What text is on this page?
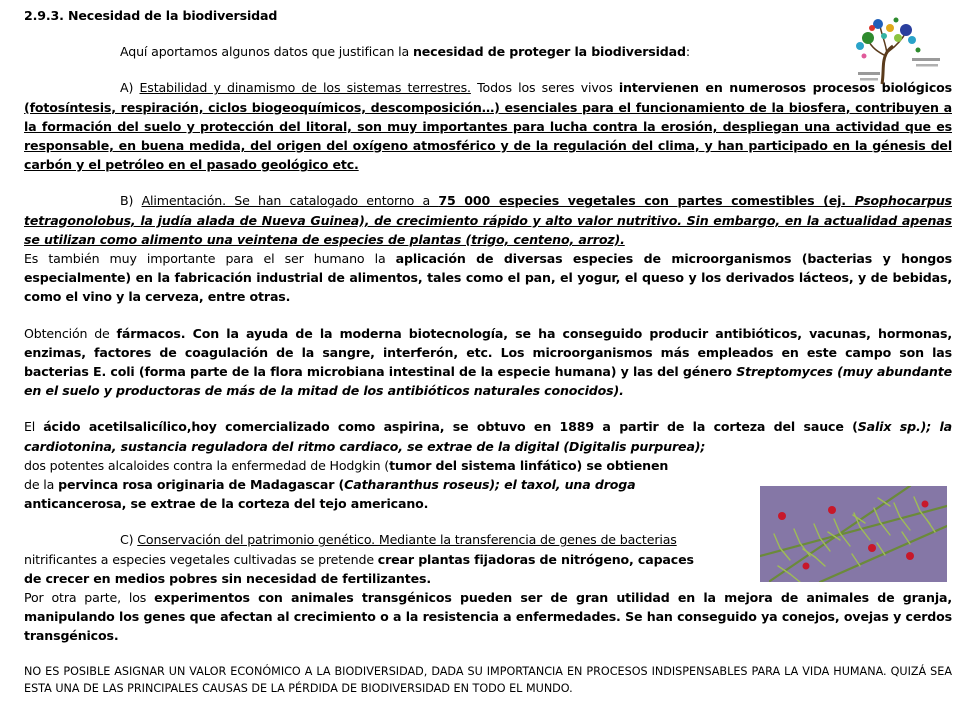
2.9.3. Necesidad de la biodiversidad

Aquí aportamos algunos datos que justifican la necesidad de proteger la biodiversidad:

A) Estabilidad y dinamismo de los sistemas terrestres. Todos los seres vivos intervienen en numerosos procesos biológicos (fotosíntesis, respiración, ciclos biogeoquímicos, descomposición…) esenciales para el funcionamiento de la biosfera, contribuyen a la formación del suelo y protección del litoral, son muy importantes para lucha contra la erosión, despliegan una actividad que es responsable, en buena medida, del origen del oxígeno atmosférico y de la regulación del clima, y han participado en la génesis del carbón y el petróleo en el pasado geológico etc.

B) Alimentación. Se han catalogado entorno a 75 000 especies vegetales con partes comestibles (ej. Psophocarpus tetragonolobus, la judía alada de Nueva Guinea), de crecimiento rápido y alto valor nutritivo. Sin embargo, en la actualidad apenas se utilizan como alimento una veintena de especies de plantas (trigo, centeno, arroz).

Es también muy importante para el ser humano la aplicación de diversas especies de microorganismos (bacterias y hongos especialmente) en la fabricación industrial de alimentos, tales como el pan, el yogur, el queso y los derivados lácteos, y de bebidas, como el vino y la cerveza, entre otras.

Obtención de fármacos. Con la ayuda de la moderna biotecnología, se ha conseguido producir antibióticos, vacunas, hormonas, enzimas, factores de coagulación de la sangre, interferón, etc. Los microorganismos más empleados en este campo son las bacterias E. coli (forma parte de la flora microbiana intestinal de la especie humana) y las del género Streptomyces (muy abundante en el suelo y productoras de más de la mitad de los antibióticos naturales conocidos).

El ácido acetilsalicílico,hoy comercializado como aspirina, se obtuvo en 1889 a partir de la corteza del sauce (Salix sp.); la cardiotonina, sustancia reguladora del ritmo cardiaco, se extrae de la digital (Digitalis purpurea);

dos potentes alcaloides contra la enfermedad de Hodgkin (tumor del sistema linfático) se obtienen

de la pervinca rosa originaria de Madagascar (Catharanthus roseus); el taxol, una droga

anticancerosa, se extrae de la corteza del tejo americano.

C) Conservación del patrimonio genético. Mediante la transferencia de genes de bacterias

nitrificantes a especies vegetales cultivadas se pretende crear plantas fijadoras de nitrógeno, capaces

de crecer en medios pobres sin necesidad de fertilizantes.

Por otra parte, los experimentos con animales transgénicos pueden ser de gran utilidad en la mejora de animales de granja, manipulando los genes que afectan al crecimiento o a la resistencia a enfermedades. Se han conseguido ya conejos, ovejas y cerdos transgénicos.

NO ES POSIBLE ASIGNAR UN VALOR ECONÓMICO A LA BIODIVERSIDAD, DADA SU IMPORTANCIA EN PROCESOS INDISPENSABLES PARA LA VIDA HUMANA. QUIZÁ SEA ESTA UNA DE LAS PRINCIPALES CAUSAS DE LA PÉRDIDA DE BIODIVERSIDAD EN TODO EL MUNDO.
